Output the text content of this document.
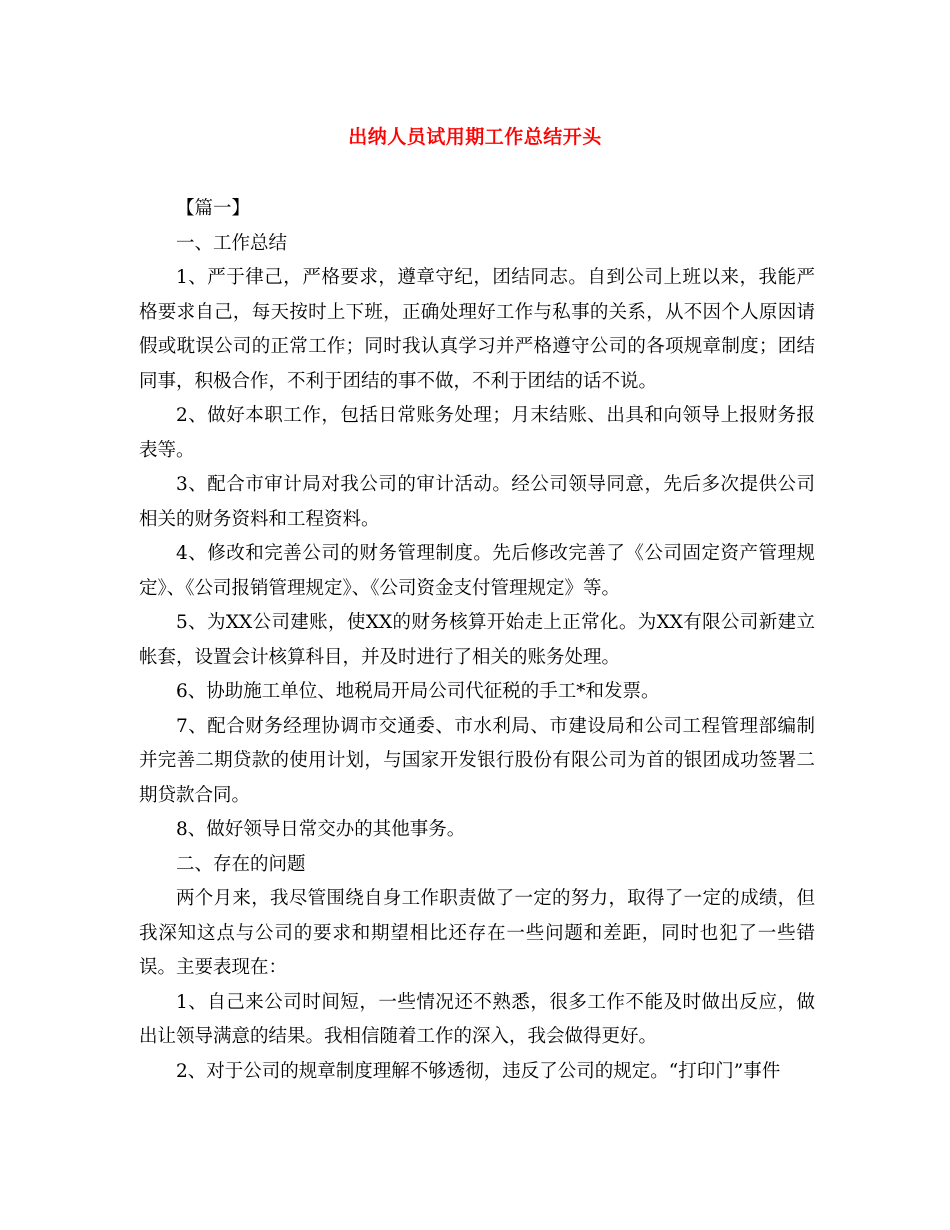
出纳人员试用期工作总结开头

【篇一】

一、工作总结

1、严于律己，严格要求，遵章守纪，团结同志。自到公司上班以来，我能严格要求自己，每天按时上下班，正确处理好工作与私事的关系，从不因个人原因请假或耽误公司的正常工作；同时我认真学习并严格遵守公司的各项规章制度；团结同事，积极合作，不利于团结的事不做，不利于团结的话不说。

2、做好本职工作，包括日常账务处理；月末结账、出具和向领导上报财务报表等。

3、配合市审计局对我公司的审计活动。经公司领导同意，先后多次提供公司相关的财务资料和工程资料。

4、修改和完善公司的财务管理制度。先后修改完善了《公司固定资产管理规定》、《公司报销管理规定》、《公司资金支付管理规定》等。

5、为XX公司建账，使XX的财务核算开始走上正常化。为XX有限公司新建立帐套，设置会计核算科目，并及时进行了相关的账务处理。

6、协助施工单位、地税局开局公司代征税的手工*和发票。

7、配合财务经理协调市交通委、市水利局、市建设局和公司工程管理部编制并完善二期贷款的使用计划，与国家开发银行股份有限公司为首的银团成功签署二期贷款合同。

8、做好领导日常交办的其他事务。

二、存在的问题

两个月来，我尽管围绕自身工作职责做了一定的努力，取得了一定的成绩，但我深知这点与公司的要求和期望相比还存在一些问题和差距，同时也犯了一些错误。主要表现在：

1、自己来公司时间短，一些情况还不熟悉，很多工作不能及时做出反应，做出让领导满意的结果。我相信随着工作的深入，我会做得更好。

2、对于公司的规章制度理解不够透彻，违反了公司的规定。“打印门”事件
